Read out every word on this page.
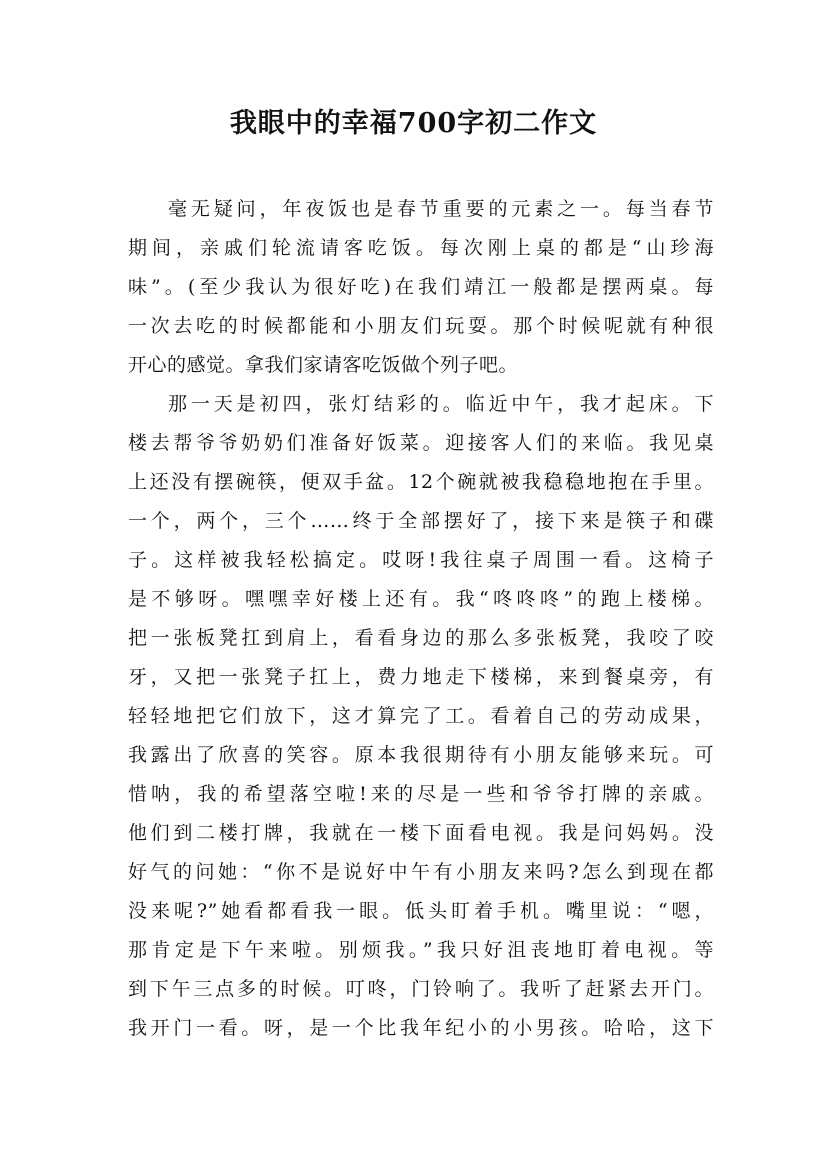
我眼中的幸福700字初二作文
毫无疑问，年夜饭也是春节重要的元素之一。每当春节
期间，亲戚们轮流请客吃饭。每次刚上桌的都是“山珍海
味”。(至少我认为很好吃)在我们靖江一般都是摆两桌。每
一次去吃的时候都能和小朋友们玩耍。那个时候呢就有种很
开心的感觉。拿我们家请客吃饭做个列子吧。
那一天是初四，张灯结彩的。临近中午，我才起床。下
楼去帮爷爷奶奶们准备好饭菜。迎接客人们的来临。我见桌
上还没有摆碗筷，便双手盆。12个碗就被我稳稳地抱在手里。
一个，两个，三个……终于全部摆好了，接下来是筷子和碟
子。这样被我轻松搞定。哎呀!我往桌子周围一看。这椅子
是不够呀。嘿嘿幸好楼上还有。我“咚咚咚”的跑上楼梯。
把一张板凳扛到肩上，看看身边的那么多张板凳，我咬了咬
牙，又把一张凳子扛上，费力地走下楼梯，来到餐桌旁，有
轻轻地把它们放下，这才算完了工。看着自己的劳动成果，
我露出了欣喜的笑容。原本我很期待有小朋友能够来玩。可
惜呐，我的希望落空啦!来的尽是一些和爷爷打牌的亲戚。
他们到二楼打牌，我就在一楼下面看电视。我是问妈妈。没
好气的问她：“你不是说好中午有小朋友来吗?怎么到现在都
没来呢?”她看都看我一眼。低头盯着手机。嘴里说：“嗯，
那肯定是下午来啦。别烦我。”我只好沮丧地盯着电视。等
到下午三点多的时候。叮咚，门铃响了。我听了赶紧去开门。
我开门一看。呀，是一个比我年纪小的小男孩。哈哈，这下
